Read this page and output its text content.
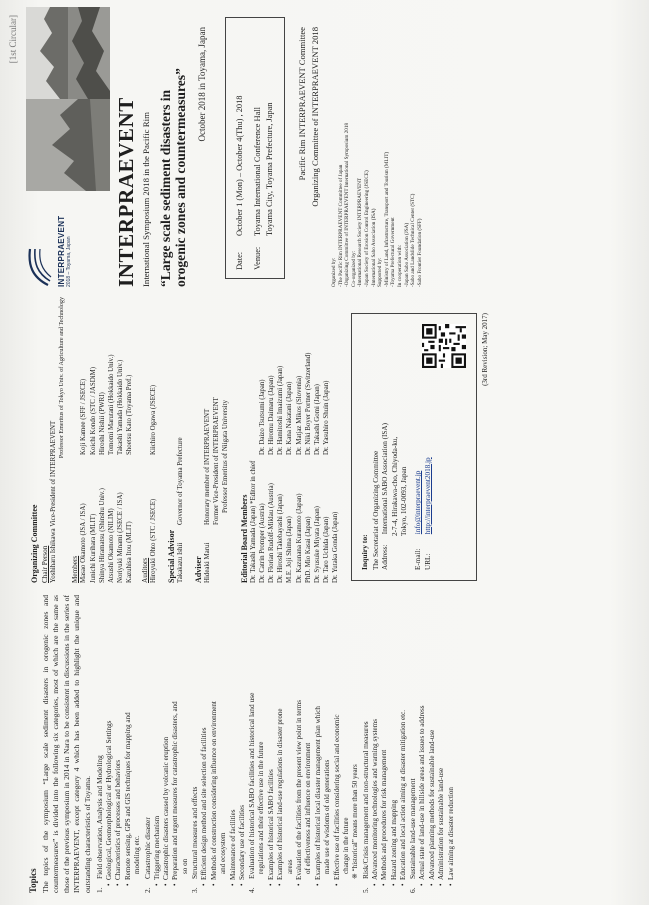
Topics The topics of the symposium “Large scale sediment disasters in orogenic zones and countermeasures” is divided into the following six categories, most of which are the same as those of the previous symposium in 2014 in Nara to be consistent in discussions in the series of INTERPRAEVENT, except category 4 which has been added to highlight the unique and outstanding characteristics of Toyama. 1.Field observation, Analysis and Modeling • Geological, Geomorphological or Hydrological Settings • Characteristics of processes and behaviors • Remote sensing, GPS and GIS techniques for mapping and modeling etc.
2.Catastrophic disaster • Triggering mechanism • Catastrophic disasters caused by volcanic eruption • Preparation and urgent measures for catastrophic disasters, and so on
3.Structural measures and effects • Efficient design method and site selection of facilities • Methods of construction considering influence on environment and ecosystem • Maintenance of facilities • Secondary use of facilities
4.Evaluation of historical SABO facilities and historical land use regulations and their effective use in the future • Examples of historical SABO facilities • Examples of historical land-use regulations in disaster prone areas • Evaluation of the facilities from the present view point in terms of effectiveness and influence on environment • Examples of historical local disaster management plan which made use of wisdoms of old generations • Effective use of facilities considering social and economic change in the future ※ “historical” means more than 50 years
5.Risk/Crisis management and non-structural measures • Advanced monitoring technologies and warning systems • Methods and procedures for risk management • Hazard zoning and mapping • Education and local action aiming at disaster mitigation etc.
6.Sustainable land-use management • Actual state of land-use in hillside areas and issues to address • Advanced planning methods for sustainable land-use • Administration for sustainable land-use • Law aiming at disaster reduction
Organizing Committee Chair Person Yoshiharu Ishikawa Vice-President of INTERPRAEVENT
Professor Emeritus of Tokyo Univ. of Agriculture and Technology
Members Masao Okamoto (JSA / ISA)
Koji Kamee (SFF / JSECE)
Junichi Kurihara (MLIT)
Koichi Kondo (STC / JASDiM)
Shinya Hiramatsu (Shinshu Univ.)
Hiroshi Nishii (PWRI)
Atsushi Okamoto (NILIM)
Tomomi Marutani (Hokkaido Univ.)
Noriyuki Minami (JSECE / ISA)
Takashi Yamada (Hokkaido Univ.)
Kazuhisa Itou (MLIT)
Shoetsu Kato (Toyama Pref.)
Auditors Hiroyuki Ohto (STC / JSECE)
Kiichiro Ogawa (JSECE)
Special Advisor Takakazu Ishii
Governor of Toyama Prefecture
Adviser Hideaki Marui
Honorary member of INTERPRAEVENT Former Vice-President of INTERPRAEVENT Professor Emeritus of Niigata University
Editorial Board Members Dr. Takashi Yamada (Japan) *Editor in chief Dr. Catrin Promper (Austria)
Dr. Daizo Tsutsumi (Japan)
Dr. Florian Rudolf-Miklau (Austria)
Dr. Hiromu Daimaru (Japan)
Dr. Hiroshi Takebayashi (Japan)
Dr. Hamitoshi Imaizumi (Japan)
M.E. Joji Shima (Japan)
Dr. Kana Nakatani (Japan)
Dr. Kazunana Kuramoto (Japan)
Dr. Matjaz Mikos (Slovenia)
PhD. Mio Kasai (Japan)
Dr. Niki Boyer Portner (Switzerland)
Dr. Syusuke Miyata (Japan)
Dr. Takashi Gomi (Japan)
Dr. Taro Uchida (Japan)
Dr. Yasuhiro Shuin (Japan)
Dr. Yutaka Gonda (Japan)	Inquiry to: The Secretariat of Organizing Committee Address: International SABO Association (ISA) 2-7-4, Hirakawa-cho, Chiyoda-ku, Tokyo, 102-0093, Japan
E-mail: info@interpraevent.jp
URL: http://interpraevent2018.jp
(3rd Revision; May 2017)
[1st Circular]
INTERPRAEVENT 2018 – Toyama, Japan INTERPRAEVENT International Symposium 2018 in the Pacific Rim “Large scale sediment disasters in orogenic zones and countermeasures” October 2018 in Toyama, Japan
Date:
October 1 (Mon) – October 4(Thu) , 2018
Venue:
Toyama International Conference Hall Toyama City, Toyama Prefecture, Japan	Pacific Rim INTERPRAEVENT Committee Organizing Committee of INTERPRAEVENT 2018
Organized by: -The Pacific Rim INTERPRAEVENT Committee of Japan -Organizing Committee of INTERPRAEVENT International Symposium 2018 Co-organized by: -International Research Society INTERPRAEVENT -Japan Society of Erosion Control Engineering (JSECE) -International Sabo Association (ISA) Supported by: -Ministry of Land, Infrastructure, Transport and Tourism (MLIT) -Toyama Prefectural Government In cooperation with: -Japan Sabo Association (JSA) -Sabo and Landslide Technical Center (STC) -Sabo Frontier Foundation (SFF)
